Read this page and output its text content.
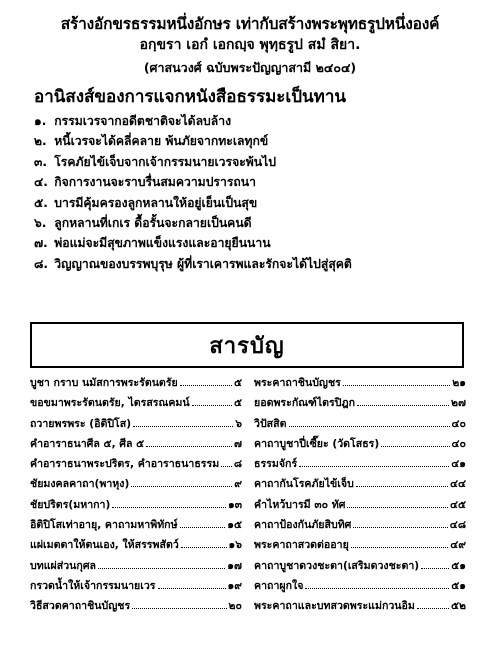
สร้างอักขรธรรมหนึ่งอักษร เท่ากับสร้างพระพุทธรูปหนึ่งองค์
อกฺขรา เอกํ เอกญฺจ พุทฺธรูป สมํ สิยา.
(ศาสนวงศ์ ฉบับพระปัญญาสามี ๒๔๐๔)
อานิสงส์ของการแจกหนังสือธรรมะเป็นทาน
๑. กรรมเวรจากอดีตชาติจะได้ลบล้าง
๒. หนี้เวรจะได้คลี่คลาย พ้นภัยจากทะเลทุกข์
๓. โรคภัยไข้เจ็บจากเจ้ากรรมนายเวรจะพ้นไป
๔. กิจการงานจะราบรื่นสมความปรารถนา
๕. บารมีคุ้มครองลูกหลานให้อยู่เย็นเป็นสุข
๖. ลูกหลานที่เกเร ดื้อรั้นจะกลายเป็นคนดี
๗. พ่อแม่จะมีสุขภาพแข็งแรงและอายุยืนนาน
๘. วิญญาณของบรรพบุรุษ ผู้ที่เราเคารพและรักจะได้ไปสู่สุคติ
สารบัญ
บูชา กราบ นมัสการพระรัตนตรัย	๕
ขอขมาพระรัตนตรัย, ไตรสรณคมน์	๕
ถวายพรพระ (อิติปิโส)	๖
คำอาราธนาศีล ๕, ศีล ๕	๗
คำอาราธนาพระปริตร, คำอาราธนาธรรม ๘
ชัยมงคลคาถา(พาหุง)	๙
ชัยปริตร(มหากา)	๑๓
อิติปิโสเท่าอายุ, คาถามหาพิทักษ์	๑๕
แผ่เมตตาให้ตนเอง, ให้สรรพสัตว์	๑๖
บทแผ่ส่วนกุศล	๑๗
กรวดน้ำให้เจ้ากรรมนายเวร	๑๙
วิธีสวดคาถาชินบัญชร	๒๐
พระคาถาชินบัญชร	๒๑
ยอดพระกัณฑ์ไตรปิฎก	๒๗
วิปัสสิต	๔๐
คาถาบูชาปี่เซี๊ยะ (วัดโสธร)	๔๐
ธรรมจักร์	๔๑
คาถากันโรคภัยไข้เจ็บ	๔๔
คำไหว้บารมี ๓๐ ทัศ	๔๕
คาถาป้องกันภัยสิบทิศ	๔๘
พระคาถาสวดต่ออายุ	๔๙
คาถาบูชาดวงชะตา(เสริมดวงชะตา)	๕๑
คาถาผูกใจ	๕๑
พระคาถาและบทสวดพระแม่กวนอิม	๕๒
